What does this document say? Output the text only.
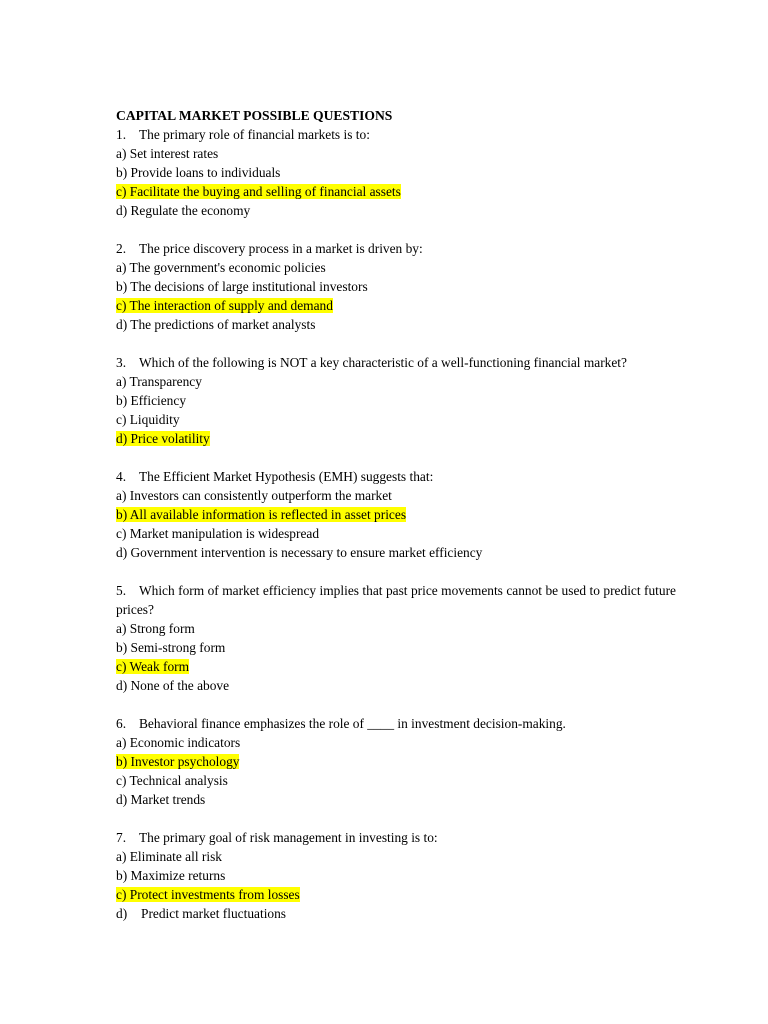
CAPITAL MARKET POSSIBLE QUESTIONS
1. The primary role of financial markets is to:
a) Set interest rates
b) Provide loans to individuals
c) Facilitate the buying and selling of financial assets
d) Regulate the economy
2. The price discovery process in a market is driven by:
a) The government's economic policies
b) The decisions of large institutional investors
c) The interaction of supply and demand
d) The predictions of market analysts
3. Which of the following is NOT a key characteristic of a well-functioning financial market?
a) Transparency
b) Efficiency
c) Liquidity
d) Price volatility
4. The Efficient Market Hypothesis (EMH) suggests that:
a) Investors can consistently outperform the market
b) All available information is reflected in asset prices
c) Market manipulation is widespread
d) Government intervention is necessary to ensure market efficiency
5. Which form of market efficiency implies that past price movements cannot be used to predict future prices?
a) Strong form
b) Semi-strong form
c) Weak form
d) None of the above
6. Behavioral finance emphasizes the role of ____ in investment decision-making.
a) Economic indicators
b) Investor psychology
c) Technical analysis
d) Market trends
7. The primary goal of risk management in investing is to:
a) Eliminate all risk
b) Maximize returns
c) Protect investments from losses
d) Predict market fluctuations
